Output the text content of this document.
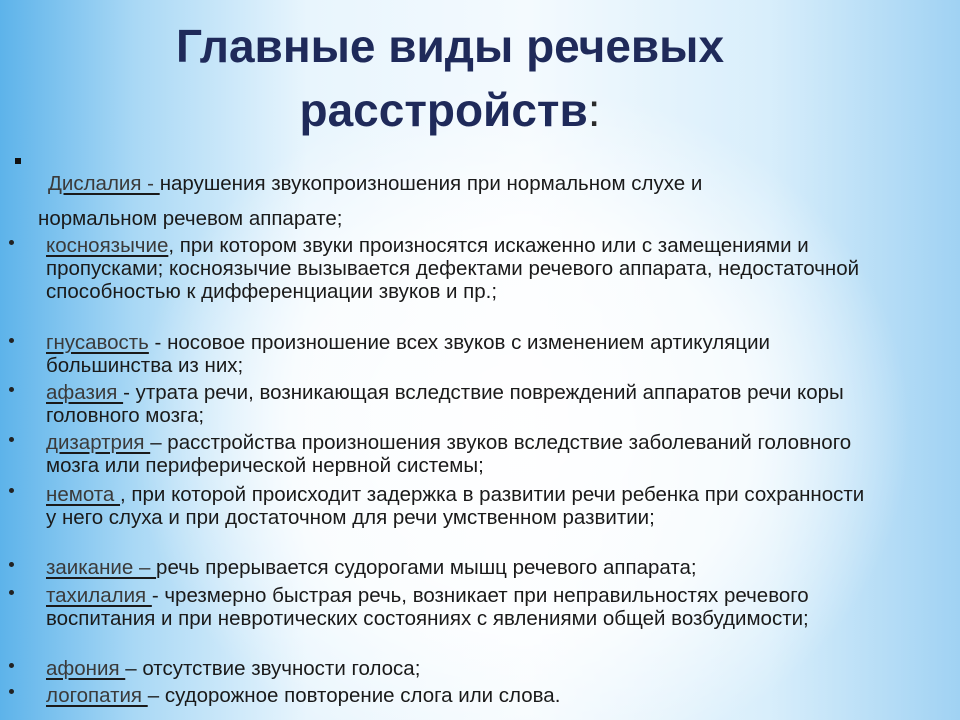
Главные виды речевых
расстройств:
Дислалия - нарушения звукопроизношения при нормальном слухе и
нормальном речевом аппарате;
косноязычие, при котором звуки произносятся искаженно или с замещениями и пропусками; косноязычие вызывается дефектами речевого аппарата, недостаточной способностью к дифференциации звуков и пр.;
гнусавость - носовое произношение всех звуков с изменением артикуляции большинства из них;
афазия - утрата речи, возникающая вследствие повреждений аппаратов речи коры головного мозга;
дизартрия – расстройства произношения звуков вследствие заболеваний головного мозга или периферической нервной системы;
немота , при которой происходит задержка в развитии речи ребенка при сохранности у него слуха и при достаточном для речи умственном развитии;
заикание – речь прерывается судорогами мышц речевого аппарата;
тахилалия - чрезмерно быстрая речь, возникает при неправильностях речевого воспитания и при невротических состояниях с явлениями общей возбудимости;
афония – отсутствие звучности голоса;
логопатия – судорожное повторение слога или слова.
